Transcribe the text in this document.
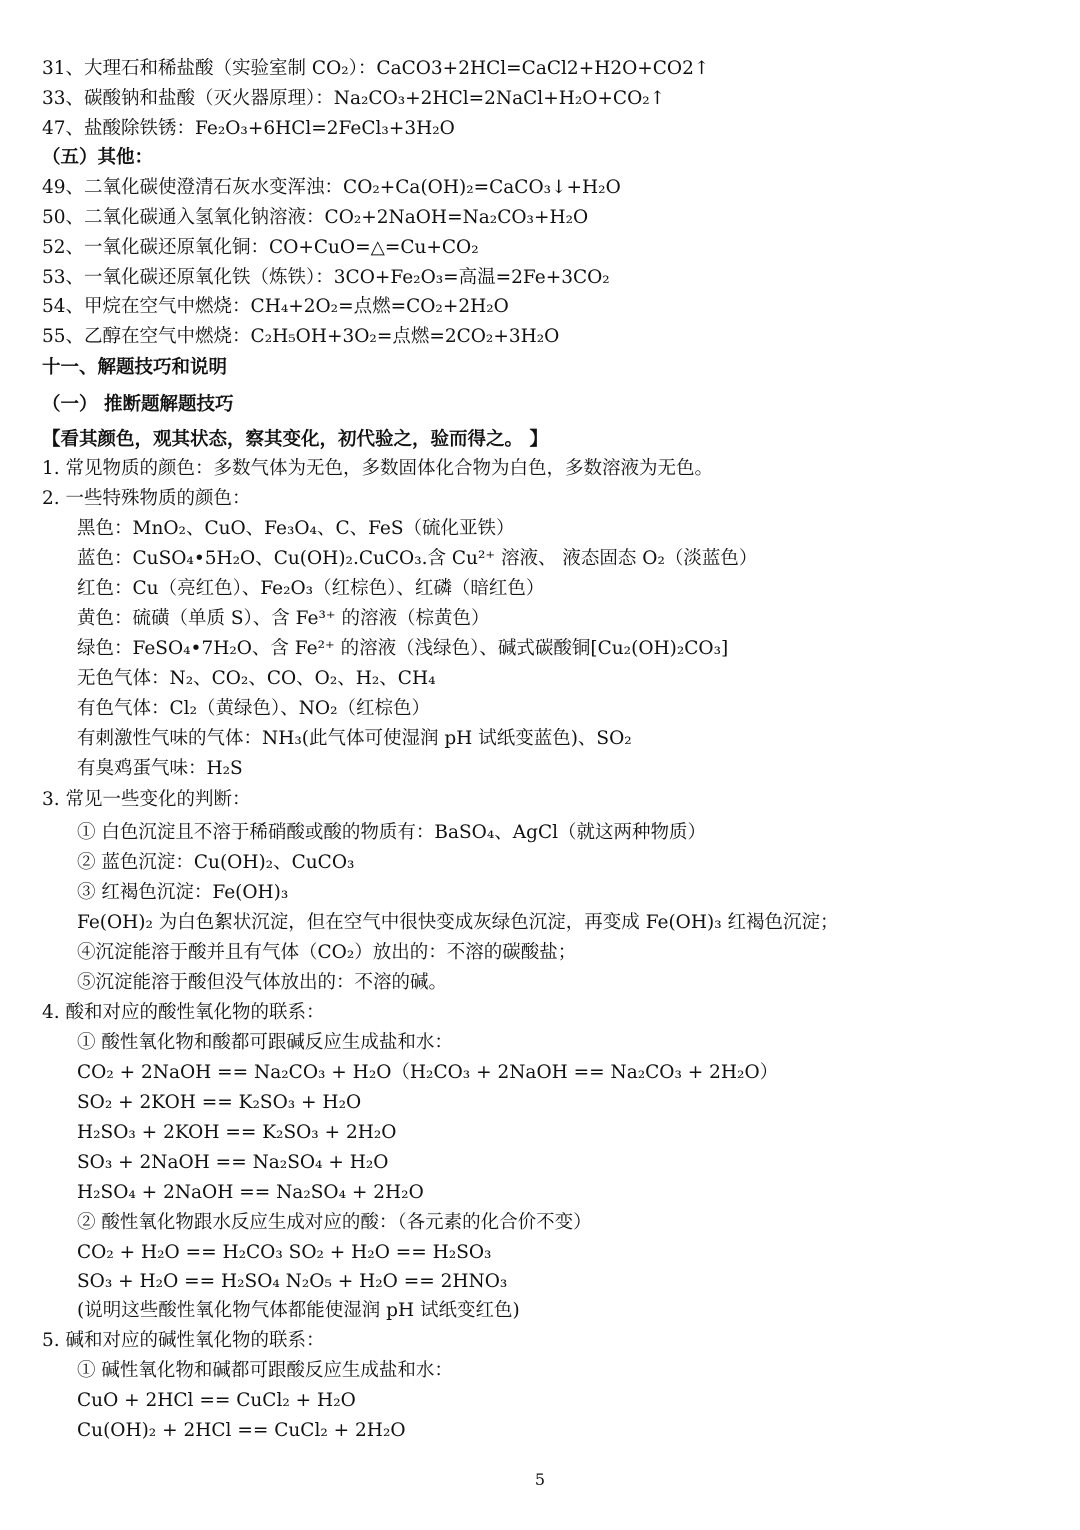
5
31、大理石和稀盐酸（实验室制 CO₂）：CaCO3+2HCl=CaCl2+H2O+CO2↑
33、碳酸钠和盐酸（灭火器原理）：Na₂CO₃+2HCl=2NaCl+H₂O+CO₂↑
47、盐酸除铁锈：Fe₂O₃+6HCl=2FeCl₃+3H₂O
（五）其他：
49、二氧化碳使澄清石灰水变浑浊：CO₂+Ca(OH)₂=CaCO₃↓+H₂O
50、二氧化碳通入氢氧化钠溶液：CO₂+2NaOH=Na₂CO₃+H₂O
52、一氧化碳还原氧化铜：CO+CuO=△=Cu+CO₂
53、一氧化碳还原氧化铁（炼铁）：3CO+Fe₂O₃=高温=2Fe+3CO₂
54、甲烷在空气中燃烧：CH₄+2O₂=点燃=CO₂+2H₂O
55、乙醇在空气中燃烧：C₂H₅OH+3O₂=点燃=2CO₂+3H₂O
十一、解题技巧和说明
（一） 推断题解题技巧
【看其颜色，观其状态，察其变化，初代验之，验而得之。 】
1. 常见物质的颜色：多数气体为无色，多数固体化合物为白色，多数溶液为无色。
2. 一些特殊物质的颜色：
黑色：MnO₂、CuO、Fe₃O₄、C、FeS（硫化亚铁）
蓝色：CuSO₄•5H₂O、Cu(OH)₂.CuCO₃.含 Cu²⁺ 溶液、 液态固态 O₂（淡蓝色）
红色：Cu（亮红色）、Fe₂O₃（红棕色）、红磷（暗红色）
黄色：硫磺（单质 S）、含 Fe³⁺ 的溶液（棕黄色）
绿色：FeSO₄•7H₂O、含 Fe²⁺ 的溶液（浅绿色）、碱式碳酸铜[Cu₂(OH)₂CO₃]
无色气体：N₂、CO₂、CO、O₂、H₂、CH₄
有色气体：Cl₂（黄绿色）、NO₂（红棕色）
有刺激性气味的气体：NH₃(此气体可使湿润 pH 试纸变蓝色)、SO₂
有臭鸡蛋气味：H₂S
3. 常见一些变化的判断：
① 白色沉淀且不溶于稀硝酸或酸的物质有：BaSO₄、AgCl（就这两种物质）
② 蓝色沉淀：Cu(OH)₂、CuCO₃
③ 红褐色沉淀：Fe(OH)₃
Fe(OH)₂ 为白色絮状沉淀，但在空气中很快变成灰绿色沉淀，再变成 Fe(OH)₃ 红褐色沉淀；
④沉淀能溶于酸并且有气体（CO₂）放出的：不溶的碳酸盐；
⑤沉淀能溶于酸但没气体放出的：不溶的碱。
4. 酸和对应的酸性氧化物的联系：
① 酸性氧化物和酸都可跟碱反应生成盐和水：
CO₂ + 2NaOH == Na₂CO₃ + H₂O（H₂CO₃ + 2NaOH == Na₂CO₃ + 2H₂O）
SO₂ + 2KOH == K₂SO₃ + H₂O
H₂SO₃ + 2KOH == K₂SO₃ + 2H₂O
SO₃ + 2NaOH == Na₂SO₄ + H₂O
H₂SO₄ + 2NaOH == Na₂SO₄ + 2H₂O
② 酸性氧化物跟水反应生成对应的酸：（各元素的化合价不变）
CO₂ + H₂O == H₂CO₃ SO₂ + H₂O == H₂SO₃
SO₃ + H₂O == H₂SO₄ N₂O₅ + H₂O == 2HNO₃
(说明这些酸性氧化物气体都能使湿润 pH 试纸变红色)
5. 碱和对应的碱性氧化物的联系：
① 碱性氧化物和碱都可跟酸反应生成盐和水：
CuO + 2HCl == CuCl₂ + H₂O
Cu(OH)₂ + 2HCl == CuCl₂ + 2H₂O
